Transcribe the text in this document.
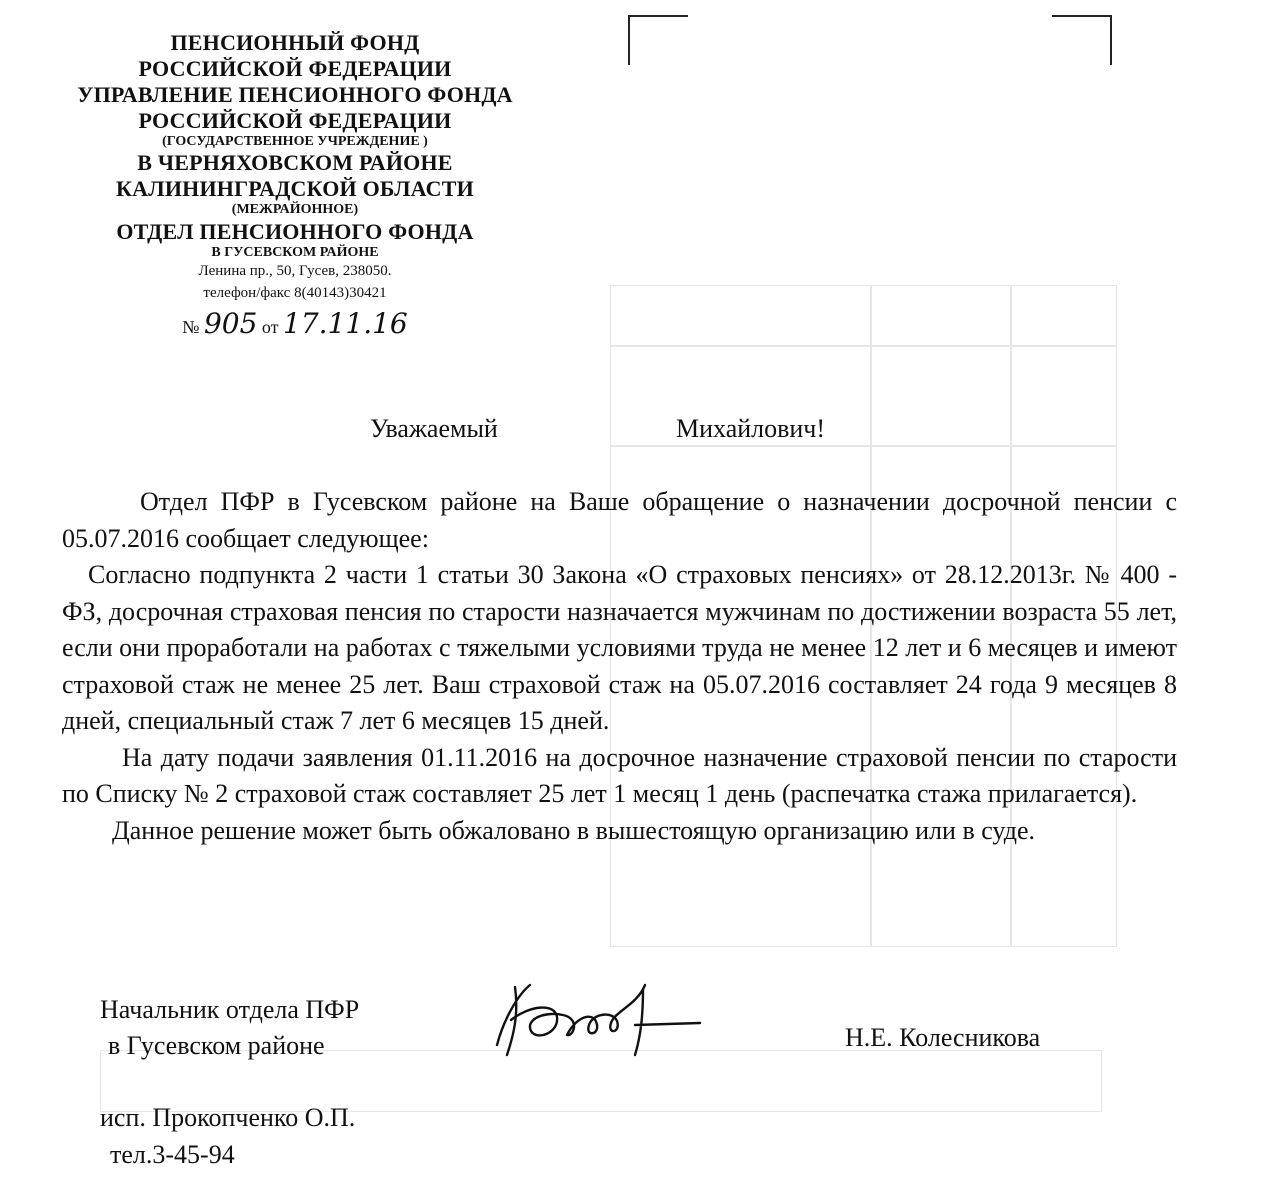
ПЕНСИОННЫЙ ФОНД
РОССИЙСКОЙ ФЕДЕРАЦИИ
УПРАВЛЕНИЕ ПЕНСИОННОГО ФОНДА
РОССИЙСКОЙ ФЕДЕРАЦИИ
(ГОСУДАРСТВЕННОЕ УЧРЕЖДЕНИЕ )
В ЧЕРНЯХОВСКОМ РАЙОНЕ
КАЛИНИНГРАДСКОЙ ОБЛАСТИ
(МЕЖРАЙОННОЕ)
ОТДЕЛ ПЕНСИОННОГО ФОНДА
В ГУСЕВСКОМ РАЙОНЕ
Ленина пр., 50, Гусев, 238050.
телефон/факс 8(40143)30421
№ 905 от 17.11.16
Уважаемый	Михайлович!

Отдел ПФР в Гусевском районе на Ваше обращение о назначении досрочной пенсии с 05.07.2016 сообщает следующее:

Согласно подпункта 2 части 1 статьи 30 Закона «О страховых пенсиях» от 28.12.2013г. № 400 - ФЗ, досрочная страховая пенсия по старости назначается мужчинам по достижении возраста 55 лет, если они проработали на работах с тяжелыми условиями труда не менее 12 лет и 6 месяцев и имеют страховой стаж не менее 25 лет. Ваш страховой стаж на 05.07.2016 составляет 24 года 9 месяцев 8 дней, специальный стаж 7 лет 6 месяцев 15 дней.

На дату подачи заявления 01.11.2016 на досрочное назначение страховой пенсии по старости по Списку № 2 страховой стаж составляет 25 лет 1 месяц 1 день (распечатка стажа прилагается).

Данное решение может быть обжаловано в вышестоящую организацию или в суде.

Начальник отдела ПФР
в Гусевском районе	Н.Е. Колесникова
исп. Прокопченко О.П.
тел.3-45-94
